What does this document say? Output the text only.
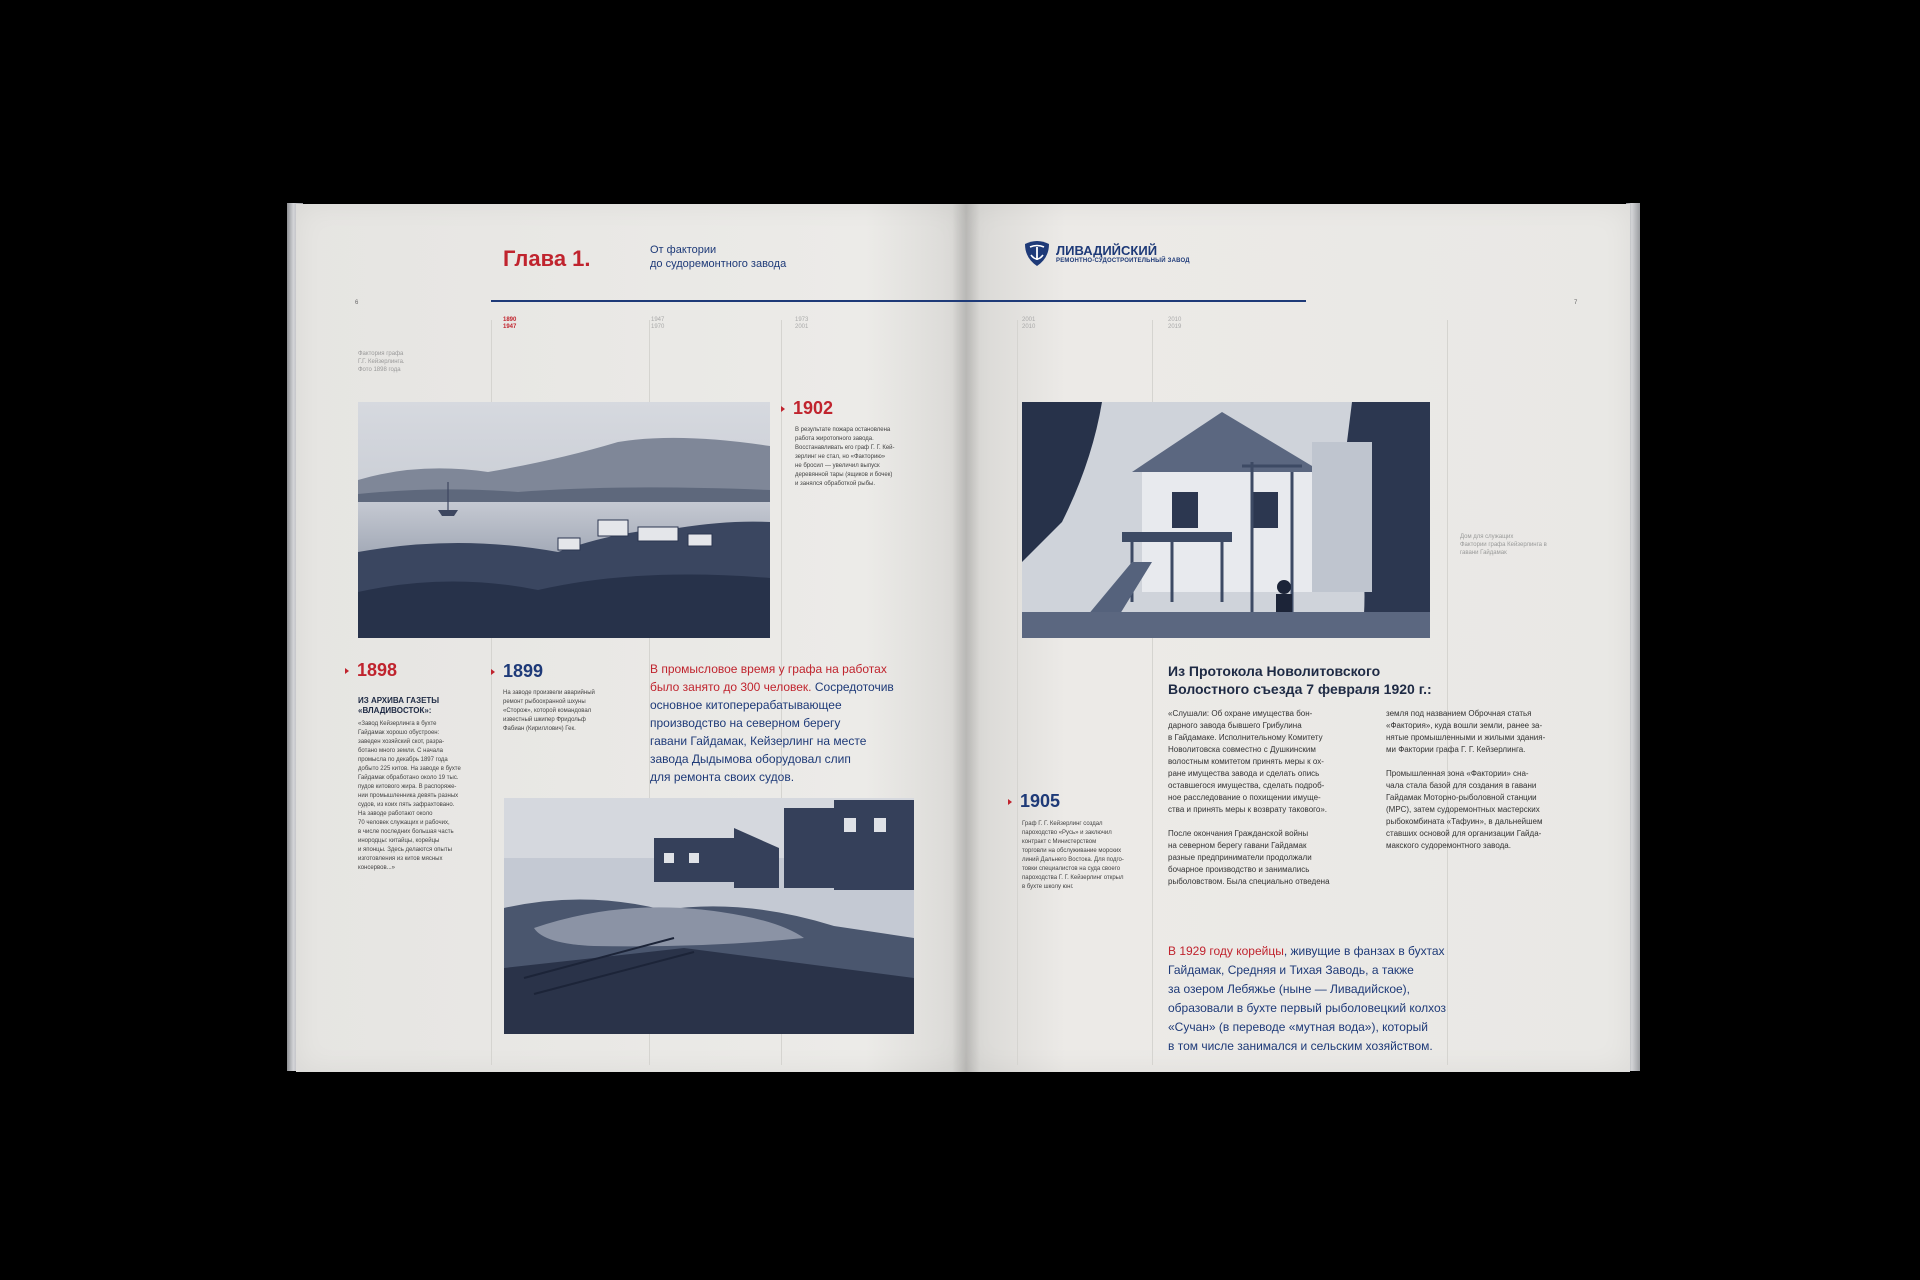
Глава 1.	От фактории
до судоремонтного завода
6
1890
1947
1947
1970
1973
2001
Фактория графа
Г.Г. Кейзерлинга.
Фото 1898 года
1902
В результате пожара остановлена
работа жиротопного завода.
Восстанавливать его граф Г. Г. Кей-
зерлинг не стал, но «Факторию»
не бросил — увеличил выпуск
деревянной тары (ящиков и бочек)
и занялся обработкой рыбы.
1898
ИЗ АРХИВА ГАЗЕТЫ
«ВЛАДИВОСТОК»:
«Завод Кейзерлинга в бухте
Гайдамак хорошо обустроен:
заведен хозяйский скот, разра-
ботано много земли. С начала
промысла по декабрь 1897 года
добыто 225 китов. На заводе в бухте
Гайдамак обработано около 19 тыс.
пудов китового жира. В распоряже-
нии промышленника девять разных
судов, из коих пять зафрахтовано.
На заводе работают около
70 человек служащих и рабочих,
в числе последних большая часть
инородцы: китайцы, корейцы
и японцы. Здесь делаются опыты
изготовления из китов мясных
консервов...»
1899
На заводе произвели аварийный
ремонт рыбоохранной шхуны
«Сторож», которой командовал
известный шкипер Фридольф
Фабиан (Кириллович) Гек.
В промысловое время у графа на работах
было занято до 300 человек. Сосредоточив
основное китоперерабатывающее
производство на северном берегу
гавани Гайдамак, Кейзерлинг на месте
завода Дыдымова оборудовал слип
для ремонта своих судов.
ЛИВАДИЙСКИЙ
РЕМОНТНО-СУДОСТРОИТЕЛЬНЫЙ ЗАВОД
7
2001
2010
2010
2019
Дом для служащих
Фактории графа Кейзерлинга в
гавани Гайдамак
Из Протокола Новолитовского
Волостного съезда 7 февраля 1920 г.:
«Слушали: Об охране имущества бон-
дарного завода бывшего Грибулина
в Гайдамаке. Исполнительному Комитету
Новолитовска совместно с Душкинским
волостным комитетом принять меры к ох-
ране имущества завода и сделать опись
оставшегося имущества, сделать подроб-
ное расследование о похищении имуще-
ства и принять меры к возврату такового».
После окончания Гражданской войны
на северном берегу гавани Гайдамак
разные предприниматели продолжали
бочарное производство и занимались
рыболовством. Была специально отведена
земля под названием Оброчная статья
«Фактория», куда вошли земли, ранее за-
нятые промышленными и жилыми здания-
ми Фактории графа Г. Г. Кейзерлинга.
Промышленная зона «Фактории» сна-
чала стала базой для создания в гавани
Гайдамак Моторно-рыболовной станции
(МРС), затем судоремонтных мастерских
рыбокомбината «Тафуин», в дальнейшем
ставших основой для организации Гайда-
макского судоремонтного завода.
1905
Граф Г. Г. Кейзерлинг создал
пароходство «Русь» и заключил
контракт с Министерством
торговли на обслуживание морских
линий Дальнего Востока. Для подго-
товки специалистов на суда своего
пароходства Г. Г. Кейзерлинг открыл
в бухте школу юнг.
В 1929 году корейцы, живущие в фанзах в бухтах
Гайдамак, Средняя и Тихая Заводь, а также
за озером Лебяжье (ныне — Ливадийское),
образовали в бухте первый рыболовецкий колхоз
«Сучан» (в переводе «мутная вода»), который
в том числе занимался и сельским хозяйством.
